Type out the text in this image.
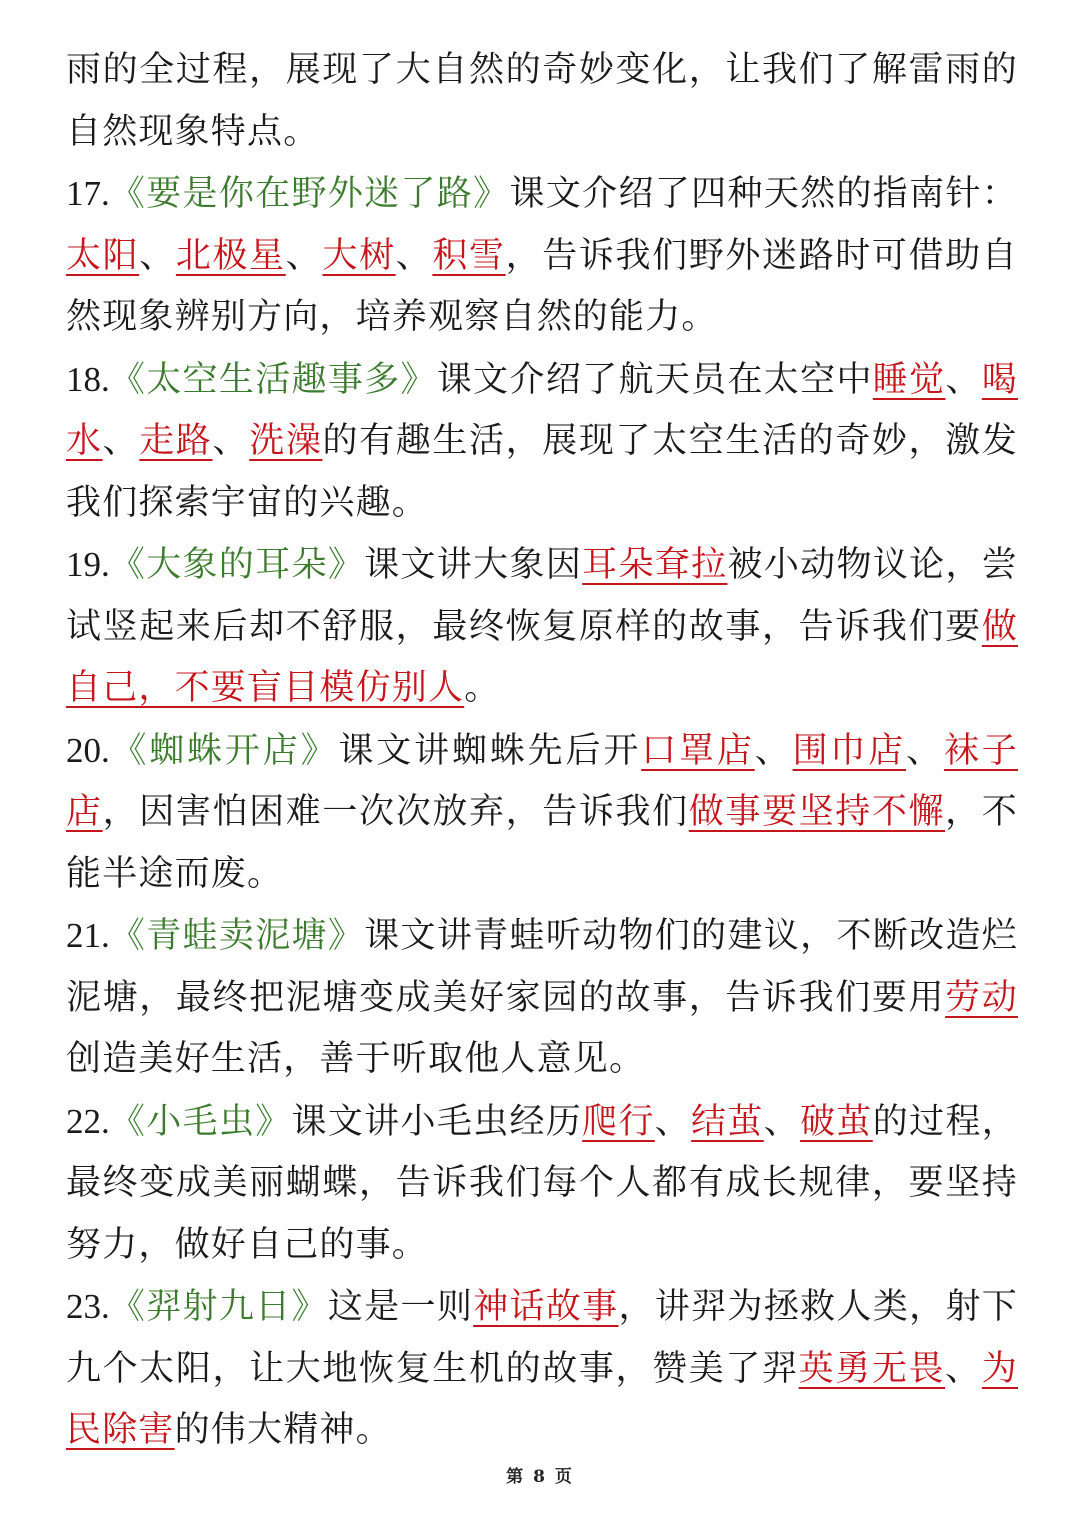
雨的全过程，展现了大自然的奇妙变化，让我们了解雷雨的自然现象特点。

17.《要是你在野外迷了路》课文介绍了四种天然的指南针：太阳、北极星、大树、积雪，告诉我们野外迷路时可借助自然现象辨别方向，培养观察自然的能力。

18.《太空生活趣事多》课文介绍了航天员在太空中睡觉、喝水、走路、洗澡的有趣生活，展现了太空生活的奇妙，激发我们探索宇宙的兴趣。

19.《大象的耳朵》课文讲大象因耳朵耷拉被小动物议论，尝试竖起来后却不舒服，最终恢复原样的故事，告诉我们要做自己，不要盲目模仿别人。

20.《蜘蛛开店》课文讲蜘蛛先后开口罩店、围巾店、袜子店，因害怕困难一次次放弃，告诉我们做事要坚持不懈，不能半途而废。

21.《青蛙卖泥塘》课文讲青蛙听动物们的建议，不断改造烂泥塘，最终把泥塘变成美好家园的故事，告诉我们要用劳动创造美好生活，善于听取他人意见。

22.《小毛虫》课文讲小毛虫经历爬行、结茧、破茧的过程，最终变成美丽蝴蝶，告诉我们每个人都有成长规律，要坚持努力，做好自己的事。

23.《羿射九日》这是一则神话故事，讲羿为拯救人类，射下九个太阳，让大地恢复生机的故事，赞美了羿英勇无畏、为民除害的伟大精神。

第 8 页
